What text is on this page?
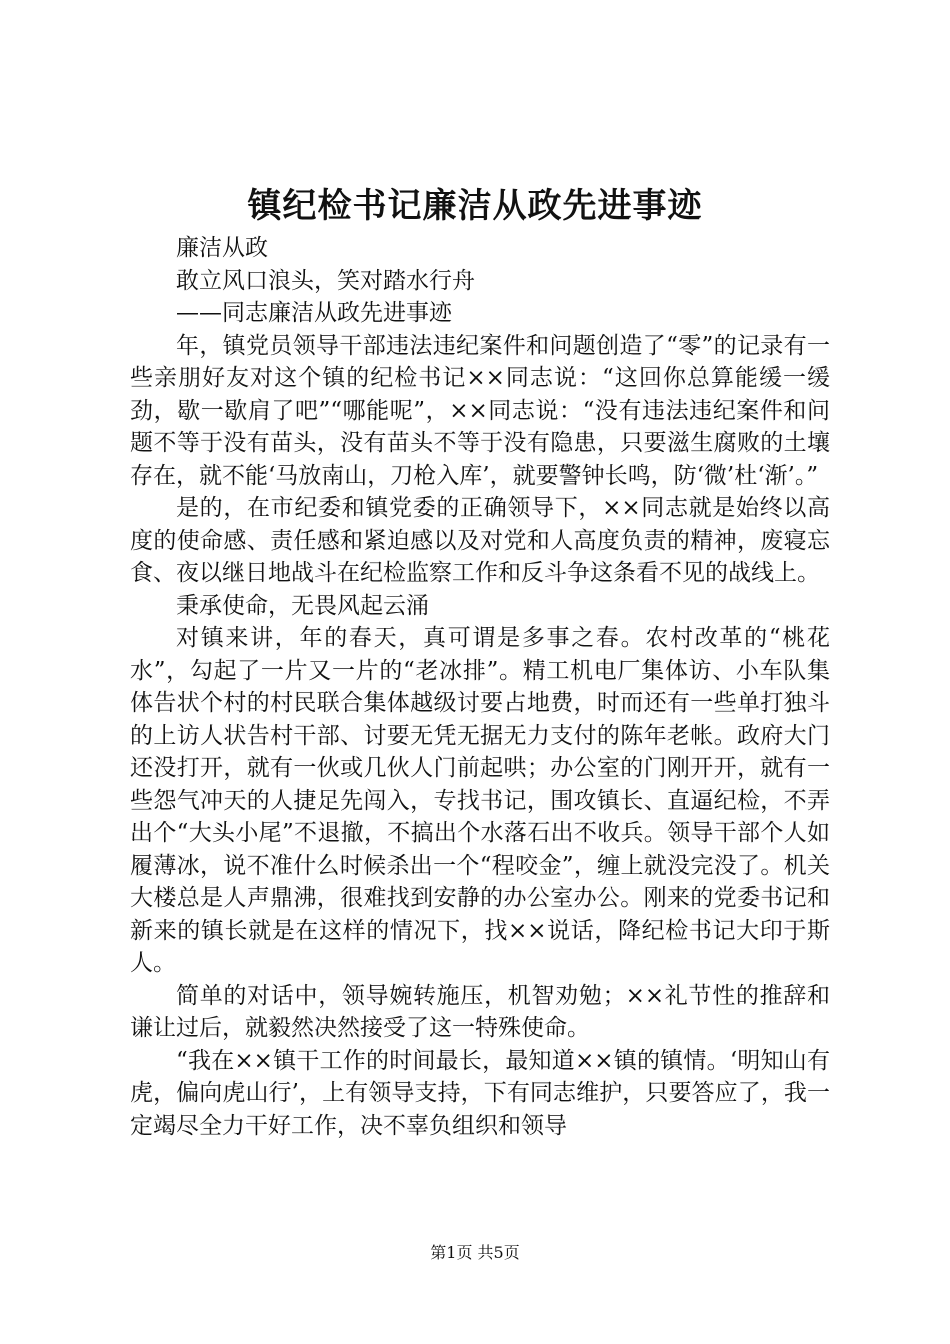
镇纪检书记廉洁从政先进事迹

廉洁从政

敢立风口浪头，笑对踏水行舟

——同志廉洁从政先进事迹

年，镇党员领导干部违法违纪案件和问题创造了“零”的记录有一些亲朋好友对这个镇的纪检书记××同志说：“这回你总算能缓一缓劲，歇一歇肩了吧”“哪能呢”，××同志说：“没有违法违纪案件和问题不等于没有苗头，没有苗头不等于没有隐患，只要滋生腐败的土壤存在，就不能‘马放南山，刀枪入库’，就要警钟长鸣，防‘微’杜‘渐’。”

是的，在市纪委和镇党委的正确领导下，××同志就是始终以高度的使命感、责任感和紧迫感以及对党和人高度负责的精神，废寝忘食、夜以继日地战斗在纪检监察工作和反斗争这条看不见的战线上。

秉承使命，无畏风起云涌

对镇来讲，年的春天，真可谓是多事之春。农村改革的“桃花水”，勾起了一片又一片的“老冰排”。精工机电厂集体访、小车队集体告状个村的村民联合集体越级讨要占地费，时而还有一些单打独斗的上访人状告村干部、讨要无凭无据无力支付的陈年老帐。政府大门还没打开，就有一伙或几伙人门前起哄；办公室的门刚开开，就有一些怨气冲天的人捷足先闯入，专找书记，围攻镇长、直逼纪检，不弄出个“大头小尾”不退撤，不搞出个水落石出不收兵。领导干部个人如履薄冰，说不准什么时候杀出一个“程咬金”，缠上就没完没了。机关大楼总是人声鼎沸，很难找到安静的办公室办公。刚来的党委书记和新来的镇长就是在这样的情况下，找××说话，降纪检书记大印于斯人。

简单的对话中，领导婉转施压，机智劝勉；××礼节性的推辞和谦让过后，就毅然决然接受了这一特殊使命。

“我在××镇干工作的时间最长，最知道××镇的镇情。‘明知山有虎，偏向虎山行’，上有领导支持，下有同志维护，只要答应了，我一定竭尽全力干好工作，决不辜负组织和领导

第1页 共5页
